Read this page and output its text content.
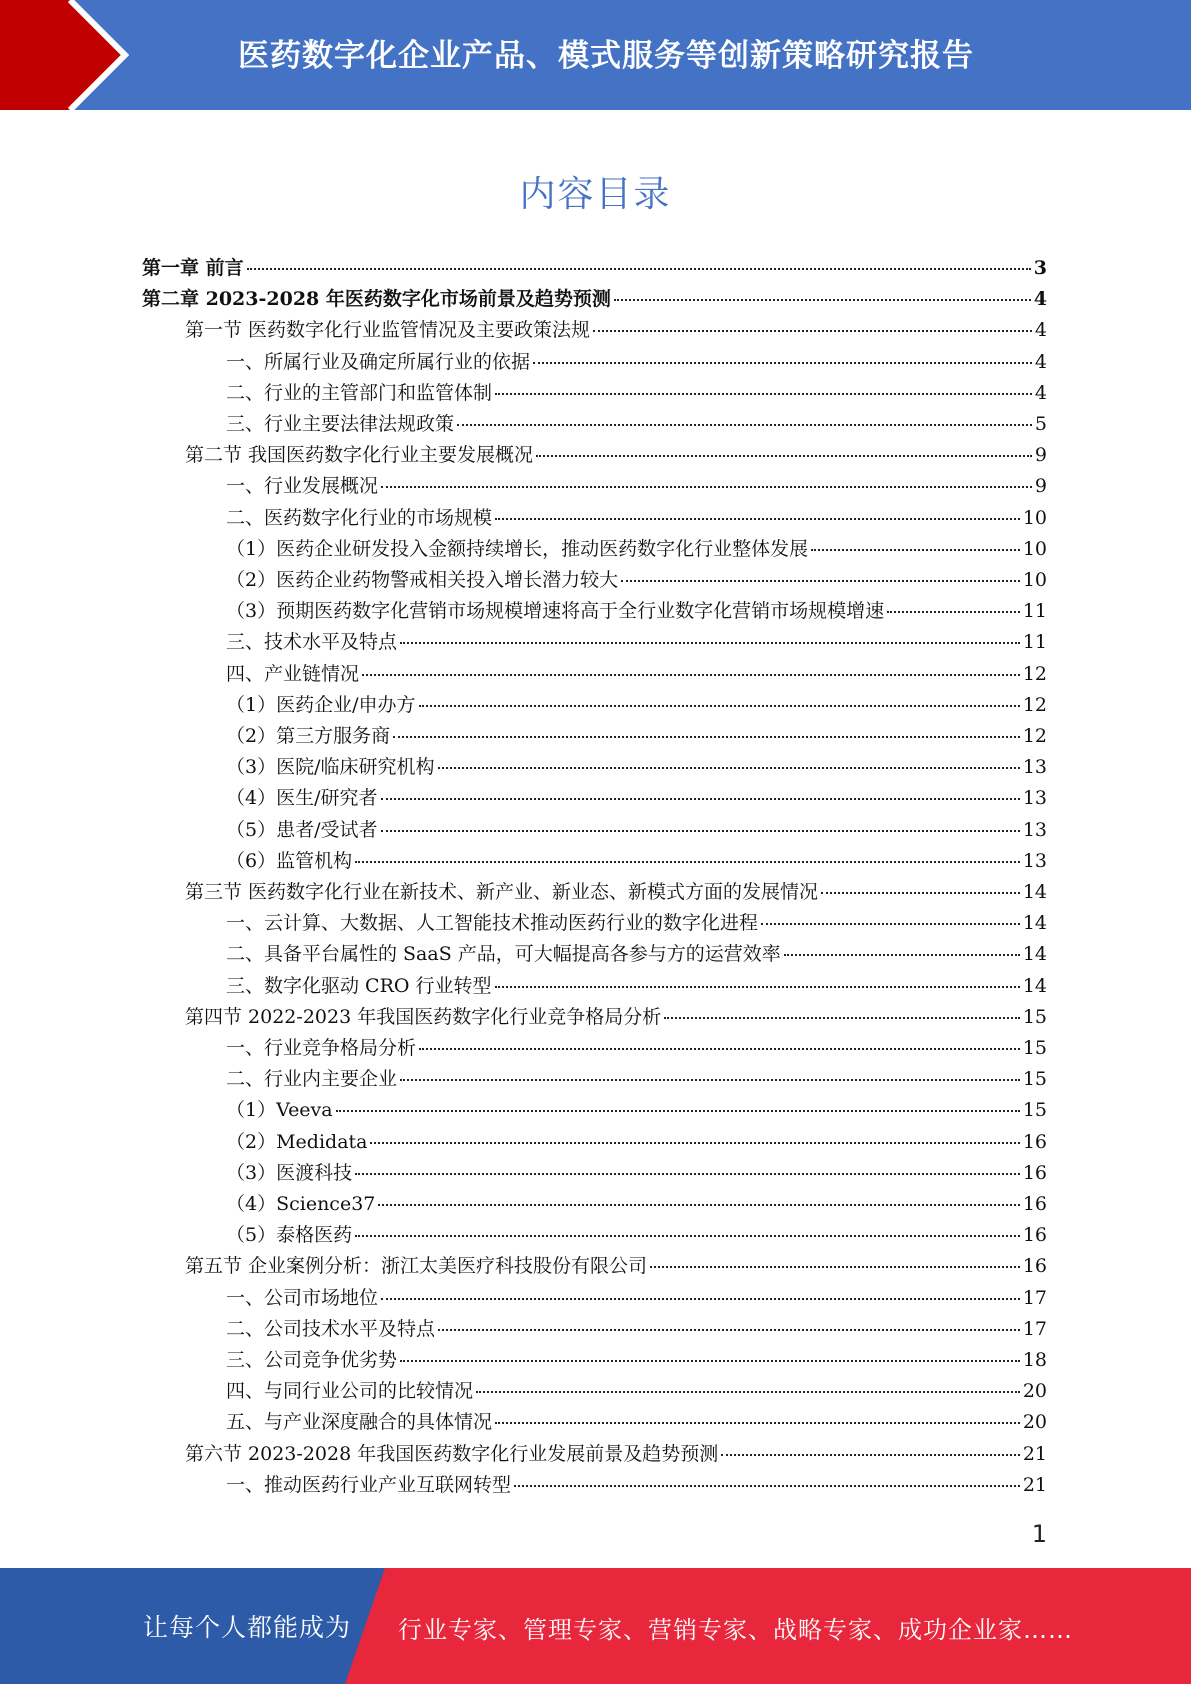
医药数字化企业产品、模式服务等创新策略研究报告
内容目录
第一章 前言	3
第二章 2023-2028 年医药数字化市场前景及趋势预测	4
第一节 医药数字化行业监管情况及主要政策法规	4
一、所属行业及确定所属行业的依据	4
二、行业的主管部门和监管体制	4
三、行业主要法律法规政策	5
第二节 我国医药数字化行业主要发展概况	9
一、行业发展概况	9
二、医药数字化行业的市场规模	10
（1）医药企业研发投入金额持续增长，推动医药数字化行业整体发展	10
（2）医药企业药物警戒相关投入增长潜力较大	10
（3）预期医药数字化营销市场规模增速将高于全行业数字化营销市场规模增速	11
三、技术水平及特点	11
四、产业链情况	12
（1）医药企业/申办方	12
（2）第三方服务商	12
（3）医院/临床研究机构	13
（4）医生/研究者	13
（5）患者/受试者	13
（6）监管机构	13
第三节 医药数字化行业在新技术、新产业、新业态、新模式方面的发展情况	14
一、云计算、大数据、人工智能技术推动医药行业的数字化进程	14
二、具备平台属性的 SaaS 产品，可大幅提高各参与方的运营效率	14
三、数字化驱动 CRO 行业转型	14
第四节 2022-2023 年我国医药数字化行业竞争格局分析	15
一、行业竞争格局分析	15
二、行业内主要企业	15
（1）Veeva	15
（2）Medidata	16
（3）医渡科技	16
（4）Science37	16
（5）泰格医药	16
第五节 企业案例分析：浙江太美医疗科技股份有限公司	16
一、公司市场地位	17
二、公司技术水平及特点	17
三、公司竞争优劣势	18
四、与同行业公司的比较情况	20
五、与产业深度融合的具体情况	20
第六节 2023-2028 年我国医药数字化行业发展前景及趋势预测	21
一、推动医药行业产业互联网转型	21
1
让每个人都能成为 行业专家、管理专家、营销专家、战略专家、成功企业家……
